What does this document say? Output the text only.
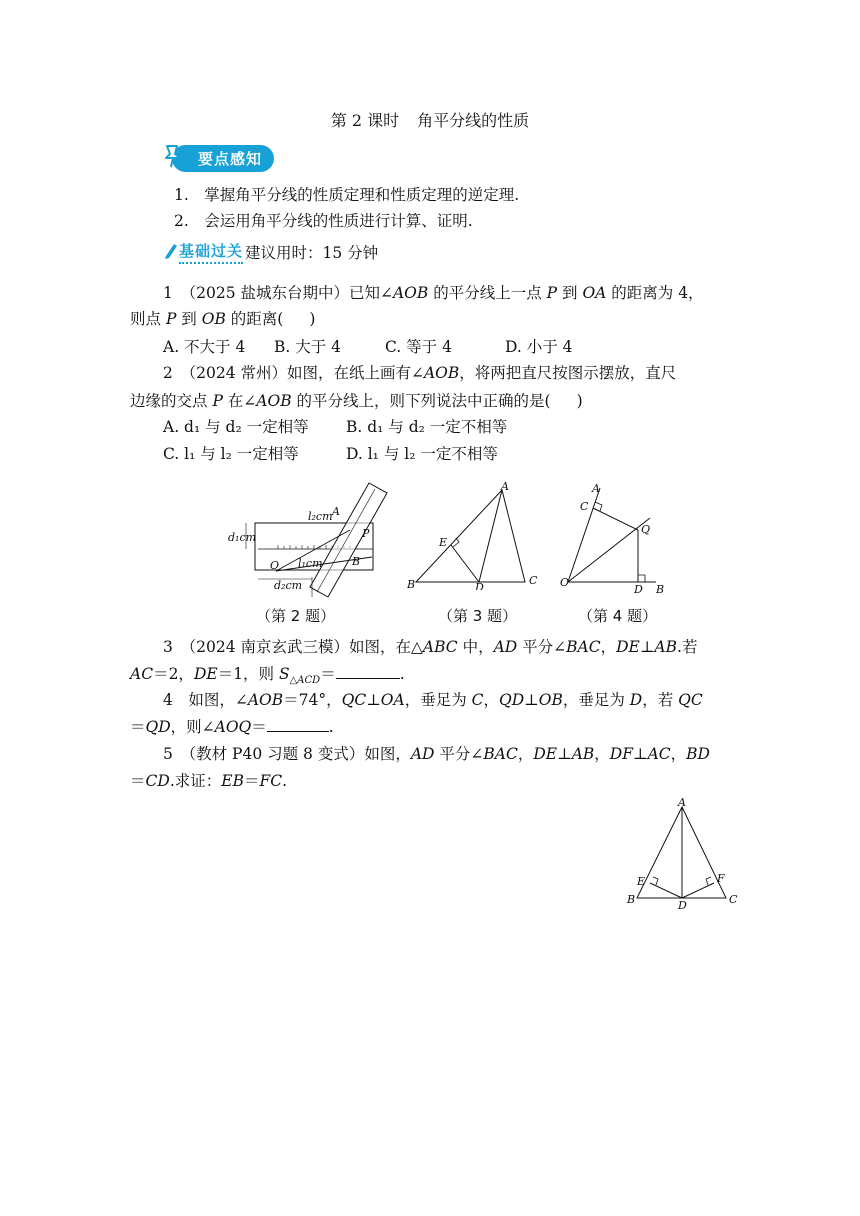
第 2 课时 角平分线的性质
要点感知
1.　掌握角平分线的性质定理和性质定理的逆定理.
2.　会运用角平分线的性质进行计算、证明.
基础过关 建议用时：15 分钟
1　（2025 盐城东台期中）已知∠AOB 的平分线上一点 P 到 OA 的距离为 4，
则点 P 到 OB 的距离( )
A. 不大于 4 B. 大于 4	C. 等于 4	D. 小于 4
2　（2024 常州）如图，在纸上画有∠AOB，将两把直尺按图示摆放，直尺
边缘的交点 P 在∠AOB 的平分线上，则下列说法中正确的是( )
A. d₁ 与 d₂ 一定相等 B. d₁ 与 d₂ 一定不相等
C. l₁ 与 l₂ 一定相等	D. l₁ 与 l₂ 一定不相等
l₂cm A
d₁cm	P
l₁cm	B
d₂cm
O
（第 2 题）
A
E
B	D
C
（第 3 题）
A
C
Q
O
D B
（第 4 题）
3　（2024 南京玄武三模）如图，在△ABC 中，AD 平分∠BAC，DE⊥AB.若
AC＝2，DE＝1，则 $S_{\triangle ACD}=$	.
4　如图，∠AOB＝74°，QC⊥OA，垂足为 C，QD⊥OB，垂足为 D，若 QC
＝QD，则∠AOQ＝	.
5　（教材 P40 习题 8 变式）如图，AD 平分∠BAC，DE⊥AB，DF⊥AC，BD
＝CD.求证：EB＝FC.
A
E	F
B	D	C
